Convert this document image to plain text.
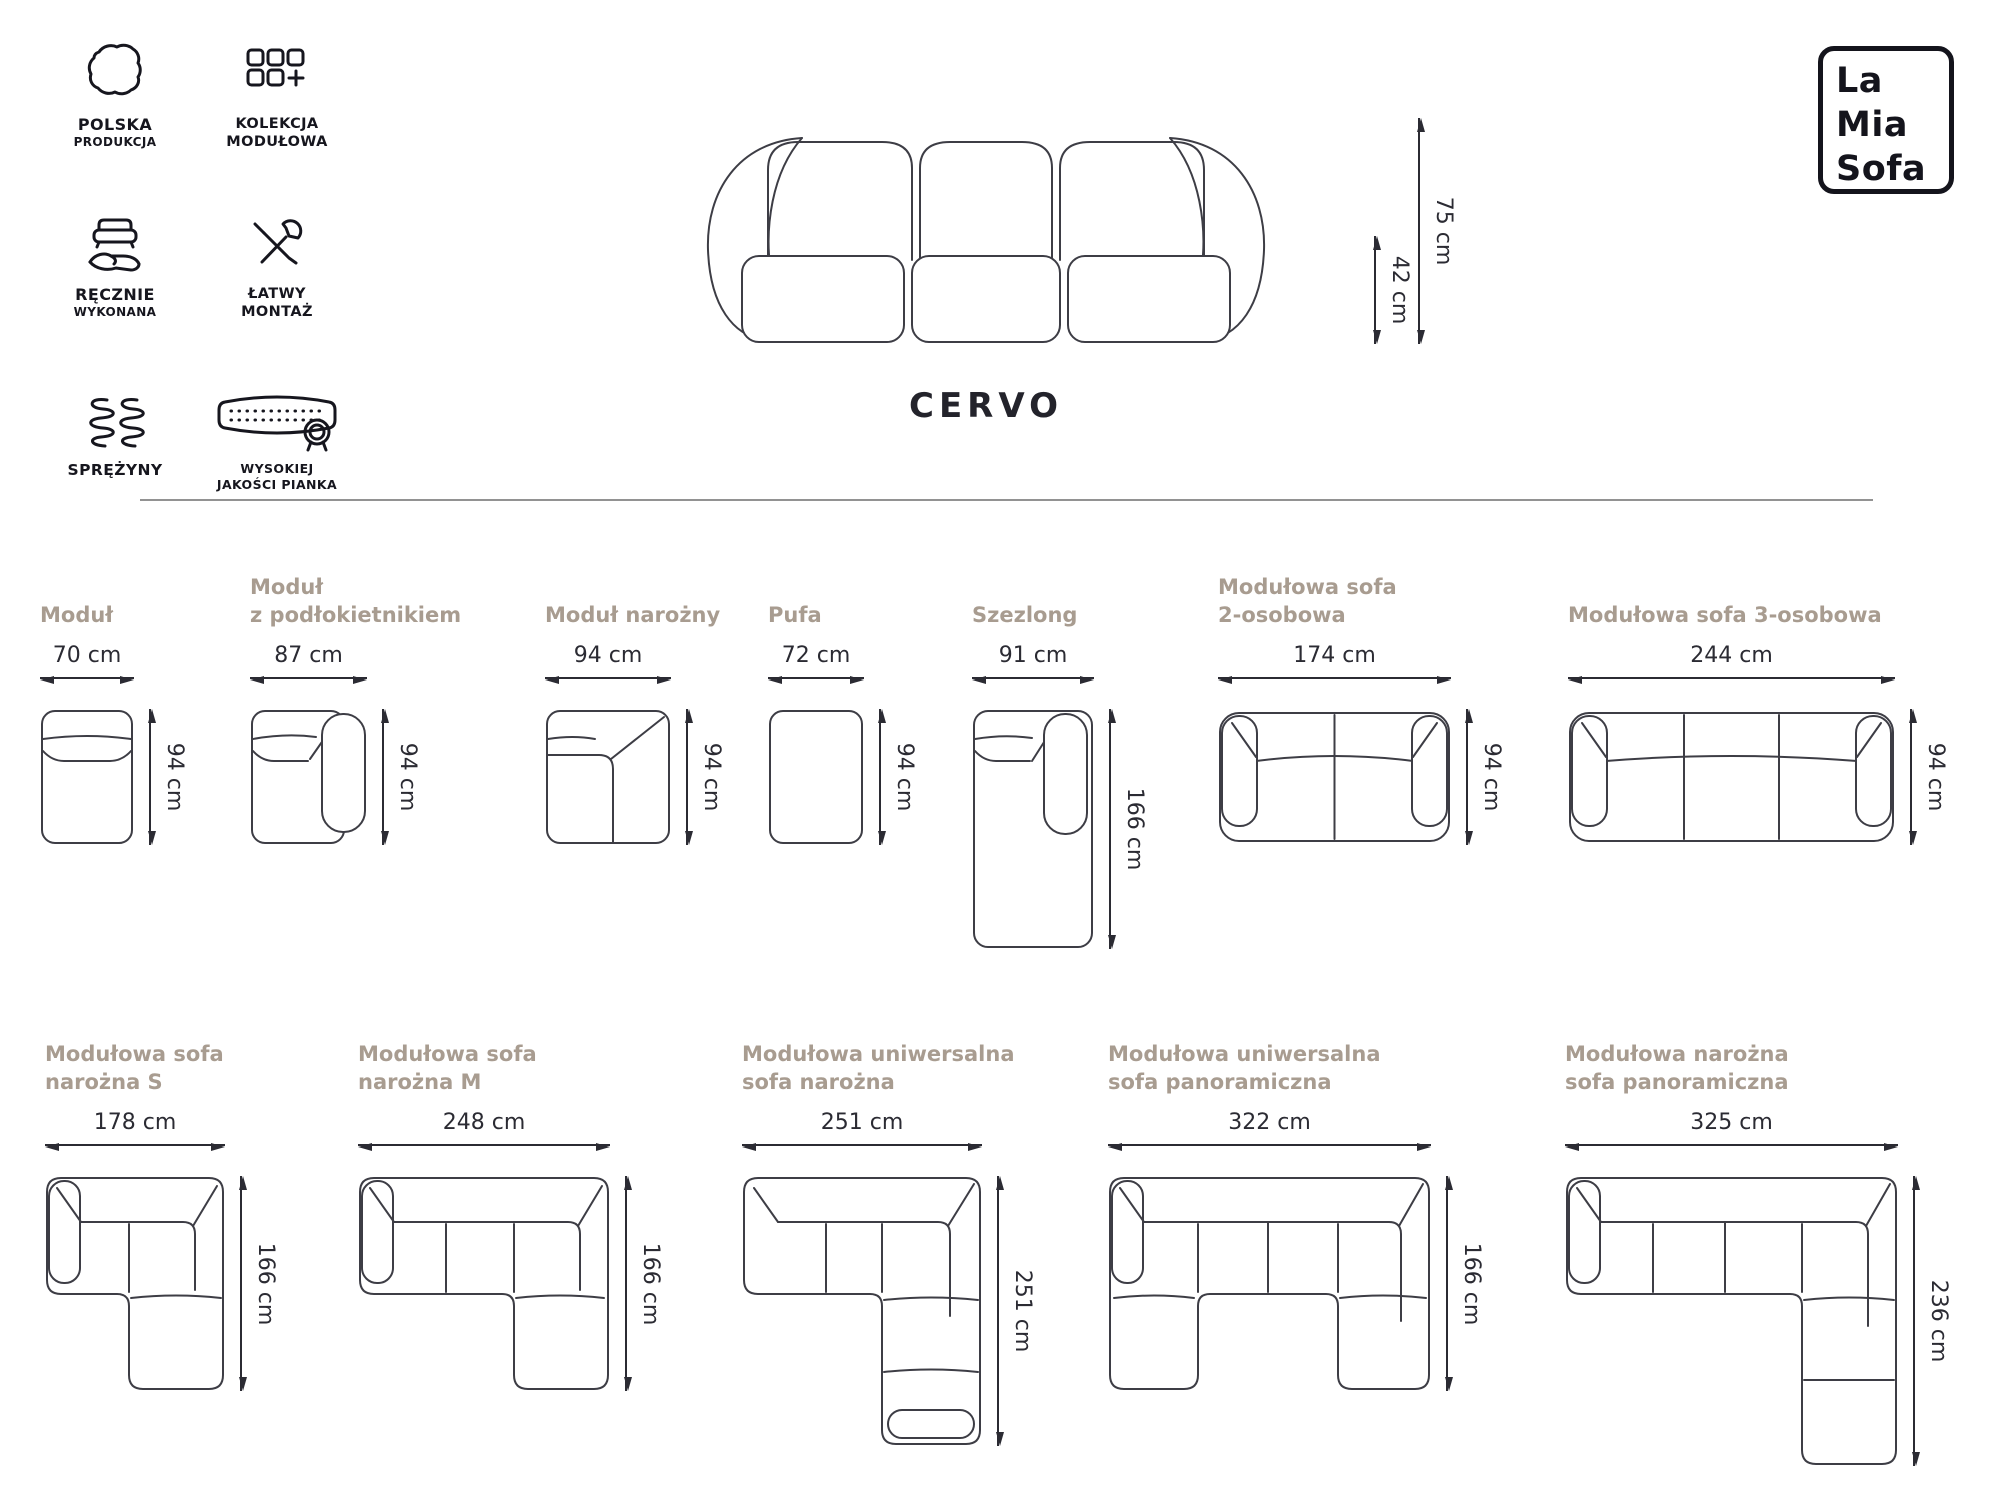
POLSKA
PRODUKCJA
KOLEKCJA
MODUŁOWA
RĘCZNIE
WYKONANA
ŁATWY
MONTAŻ
SPRĘŻYNY	WYSOKIEJ
JAKOŚCI PIANKA
La
Mia
Sofa
42 cm
75 cm
CERVO
Moduł
70 cm
94 cm
Moduł
z podłokietnikiem
87 cm
94 cm
Moduł narożny
94 cm
94 cm
Pufa
72 cm
94 cm
Szezlong
91 cm
166 cm
Modułowa sofa
2-osobowa
174 cm
94 cm
Modułowa sofa 3-osobowa
244 cm
94 cm
Modułowa sofa
narożna S
178 cm
166 cm
Modułowa sofa
narożna M
248 cm
166 cm
Modułowa uniwersalna
sofa narożna
251 cm
251 cm
Modułowa uniwersalna
sofa panoramiczna
322 cm
166 cm
Modułowa narożna
sofa panoramiczna
325 cm
236 cm
